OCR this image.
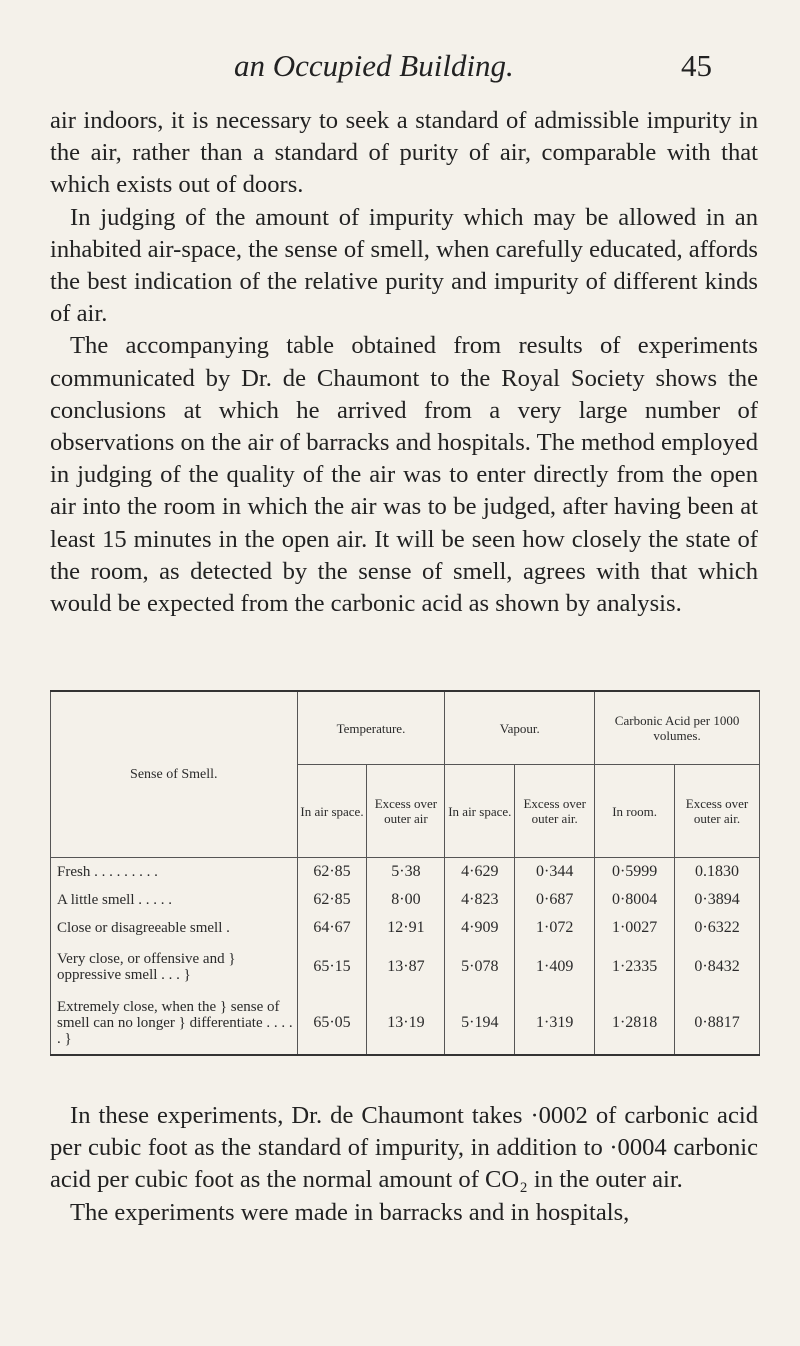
an Occupied Building.	45

air indoors, it is necessary to seek a standard of admissible impurity in the air, rather than a standard of purity of air, comparable with that which exists out of doors.

In judging of the amount of impurity which may be allowed in an inhabited air-space, the sense of smell, when carefully educated, affords the best indication of the relative purity and impurity of different kinds of air.

The accompanying table obtained from results of experiments communicated by Dr. de Chaumont to the Royal Society shows the conclusions at which he arrived from a very large number of observations on the air of barracks and hospitals. The method employed in judging of the quality of the air was to enter directly from the open air into the room in which the air was to be judged, after having been at least 15 minutes in the open air. It will be seen how closely the state of the room, as detected by the sense of smell, agrees with that which would be expected from the carbonic acid as shown by analysis.

Sense of Smell.	Temperature.		Vapour.		Carbonic Acid per 1000 volumes.	
	In air space.	Excess over outer air	In air space.	Excess over outer air.	In room.	Excess over outer air.
Fresh . . . . . . . . .	62·85	5·38	4·629	0·344	0·5999	0.1830
A little smell . . . . .	62·85	8·00	4·823	0·687	0·8004	0·3894
Close or disagreeable smell .	64·67	12·91	4·909	1·072	1·0027	0·6322
Very close, or offensive and } oppressive smell . . . }	65·15	13·87	5·078	1·409	1·2335	0·8432
Extremely close, when the } sense of smell can no longer } differentiate . . . . . }	65·05	13·19	5·194	1·319	1·2818	0·8817

In these experiments, Dr. de Chaumont takes ·0002 of carbonic acid per cubic foot as the standard of impurity, in addition to ·0004 carbonic acid per cubic foot as the normal amount of CO₂ in the outer air.

The experiments were made in barracks and in hospitals,
